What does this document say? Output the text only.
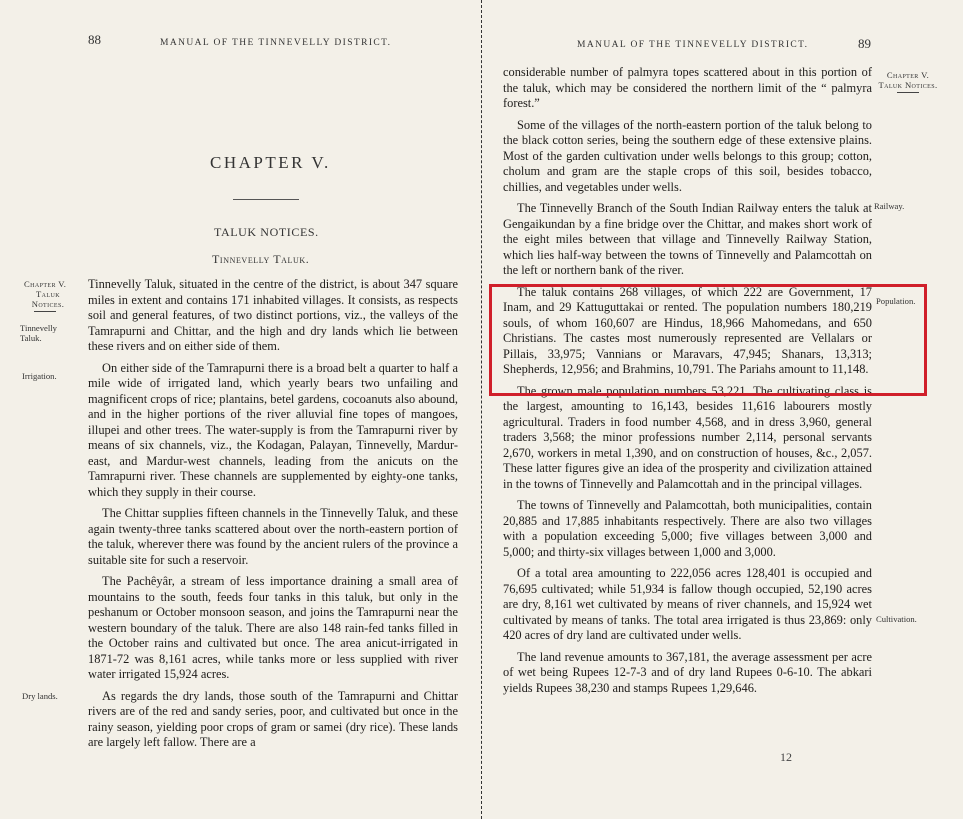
88	MANUAL OF THE TINNEVELLY DISTRICT.
CHAPTER V.
TALUK NOTICES.
Tinnevelly Taluk.
Chapter V.
Taluk Notices.
Tinnevelly Taluk.
Irrigation.
Dry lands.

Tinnevelly Taluk, situated in the centre of the district, is about 347 square miles in extent and contains 171 inhabited villages. It consists, as respects soil and general features, of two distinct portions, viz., the valleys of the Tamrapurni and Chittar, and the high and dry lands which lie between these rivers and on either side of them.

On either side of the Tamrapurni there is a broad belt a quarter to half a mile wide of irrigated land, which yearly bears two unfailing and magnificent crops of rice; plantains, betel gardens, cocoanuts also abound, and in the higher portions of the river alluvial fine topes of mangoes, illupei and other trees. The water-supply is from the Tamrapurni river by means of six channels, viz., the Kodagan, Palayan, Tinnevelly, Mardur-east, and Mardur-west channels, leading from the anicuts on the Tamrapurni river. These channels are supplemented by eighty-one tanks, which they supply in their course.

The Chittar supplies fifteen channels in the Tinnevelly Taluk, and these again twenty-three tanks scattered about over the north-eastern portion of the taluk, wherever there was found by the ancient rulers of the province a suitable site for such a reservoir.

The Pachêyâr, a stream of less importance draining a small area of mountains to the south, feeds four tanks in this taluk, but only in the peshanum or October monsoon season, and joins the Tamrapurni near the western boundary of the taluk. There are also 148 rain-fed tanks filled in the October rains and cultivated but once. The area anicut-irrigated in 1871-72 was 8,161 acres, while tanks more or less supplied with river water irrigated 15,924 acres.

As regards the dry lands, those south of the Tamrapurni and Chittar rivers are of the red and sandy series, poor, and cultivated but once in the rainy season, yielding poor crops of gram or samei (dry rice). These lands are largely left fallow. There are a

MANUAL OF THE TINNEVELLY DISTRICT.	89
Chapter V.
Taluk Notices.
Railway.
Population.
Cultivation.

considerable number of palmyra topes scattered about in this portion of the taluk, which may be considered the northern limit of the “ palmyra forest.”

Some of the villages of the north-eastern portion of the taluk belong to the black cotton series, being the southern edge of these extensive plains. Most of the garden cultivation under wells belongs to this group; cotton, cholum and gram are the staple crops of this soil, besides tobacco, chillies, and vegetables under wells.

The Tinnevelly Branch of the South Indian Railway enters the taluk at Gengaikundan by a fine bridge over the Chittar, and makes short work of the eight miles between that village and Tinnevelly Railway Station, which lies half-way between the towns of Tinnevelly and Palamcottah on the left or northern bank of the river.

The taluk contains 268 villages, of which 222 are Government, 17 Inam, and 29 Kattuguttakai or rented. The population numbers 180,219 souls, of whom 160,607 are Hindus, 18,966 Mahomedans, and 650 Christians. The castes most numerously represented are Vellalars or Pillais, 33,975; Vannians or Maravars, 47,945; Shanars, 13,313; Shepherds, 12,956; and Brahmins, 10,791. The Pariahs amount to 11,148.

The grown male population numbers 53,221. The cultivating class is the largest, amounting to 16,143, besides 11,616 labourers mostly agricultural. Traders in food number 4,568, and in dress 3,960, general traders 3,568; the minor professions number 2,114, personal servants 2,670, workers in metal 1,390, and on construction of houses, &c., 2,057. These latter figures give an idea of the prosperity and civilization attained in the towns of Tinnevelly and Palamcottah and in the principal villages.

The towns of Tinnevelly and Palamcottah, both municipalities, contain 20,885 and 17,885 inhabitants respectively. There are also two villages with a population exceeding 5,000; five villages between 3,000 and 5,000; and thirty-six villages between 1,000 and 3,000.

Of a total area amounting to 222,056 acres 128,401 is occupied and 76,695 cultivated; while 51,934 is fallow though occupied, 52,190 acres are dry, 8,161 wet cultivated by means of river channels, and 15,924 wet cultivated by means of tanks. The total area irrigated is thus 23,869: only 420 acres of dry land are cultivated under wells.

The land revenue amounts to 367,181, the average assessment per acre of wet being Rupees 12-7-3 and of dry land Rupees 0-6-10. The abkari yields Rupees 38,230 and stamps Rupees 1,29,646.

12
